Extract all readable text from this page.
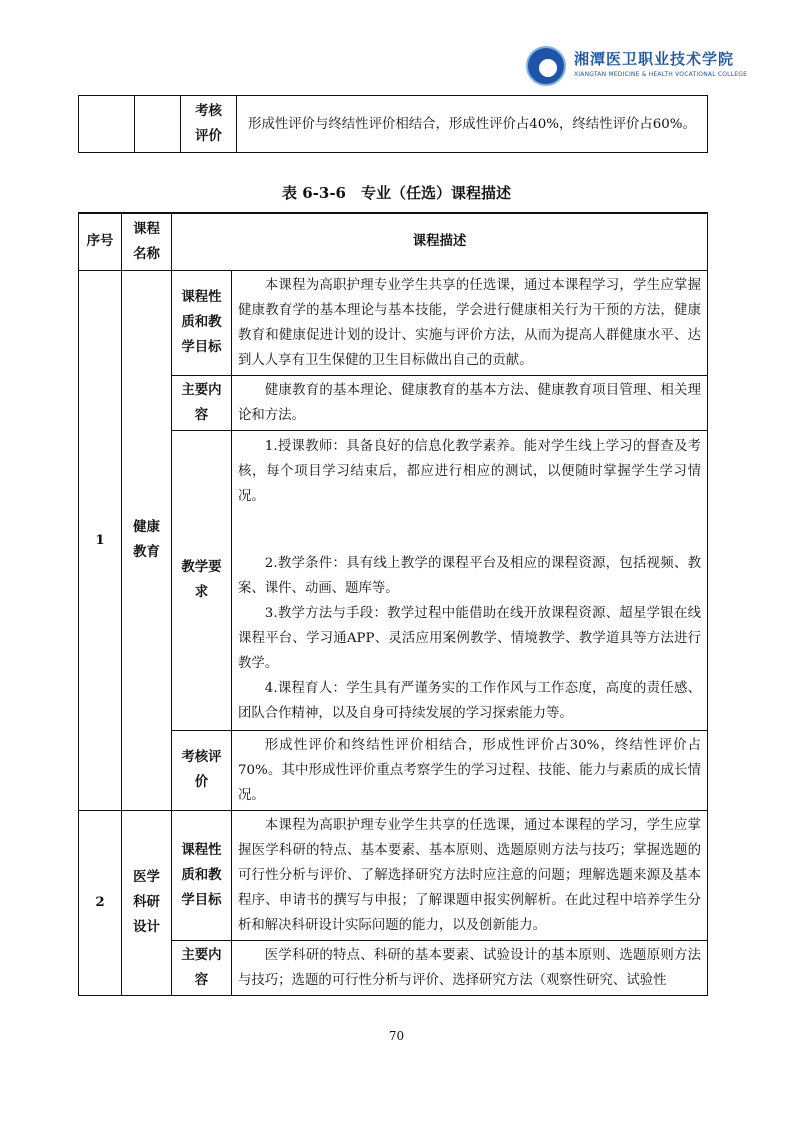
湘潭医卫职业技术学院
XIANGTAN MEDICINE & HEALTH VOCATIONAL COLLEGE
		考核评价	形成性评价与终结性评价相结合，形成性评价占40%，终结性评价占60%。
表 6-3-6　专业（任选）课程描述
序号	课程名称	课程描述	
1	健康教育	课程性质和教学目标	本课程为高职护理专业学生共享的任选课，通过本课程学习，学生应掌握健康教育学的基本理论与基本技能，学会进行健康相关行为干预的方法，健康教育和健康促进计划的设计、实施与评价方法，从而为提高人群健康水平、达到人人享有卫生保健的卫生目标做出自己的贡献。

		主要内容	健康教育的基本理论、健康教育的基本方法、健康教育项目管理、相关理论和方法。

		教学要求	1.授课教师：具备良好的信息化教学素养。能对学生线上学习的督查及考核，每个项目学习结束后，都应进行相应的测试，以便随时掌握学生学习情况。

2.教学条件：具有线上教学的课程平台及相应的课程资源，包括视频、教案、课件、动画、题库等。

3.教学方法与手段：教学过程中能借助在线开放课程资源、超星学银在线课程平台、学习通APP、灵活应用案例教学、情境教学、教学道具等方法进行教学。

4.课程育人：学生具有严谨务实的工作作风与工作态度，高度的责任感、团队合作精神，以及自身可持续发展的学习探索能力等。

		考核评价	形成性评价和终结性评价相结合，形成性评价占30%，终结性评价占70%。其中形成性评价重点考察学生的学习过程、技能、能力与素质的成长情况。

2	医学科研设计	课程性质和教学目标	本课程为高职护理专业学生共享的任选课，通过本课程的学习，学生应掌握医学科研的特点、基本要素、基本原则、选题原则方法与技巧；掌握选题的可行性分析与评价、了解选择研究方法时应注意的问题；理解选题来源及基本程序、申请书的撰写与申报；了解课题申报实例解析。在此过程中培养学生分析和解决科研设计实际问题的能力，以及创新能力。

		主要内容	医学科研的特点、科研的基本要素、试验设计的基本原则、选题原则方法与技巧；选题的可行性分析与评价、选择研究方法（观察性研究、试验性

70
